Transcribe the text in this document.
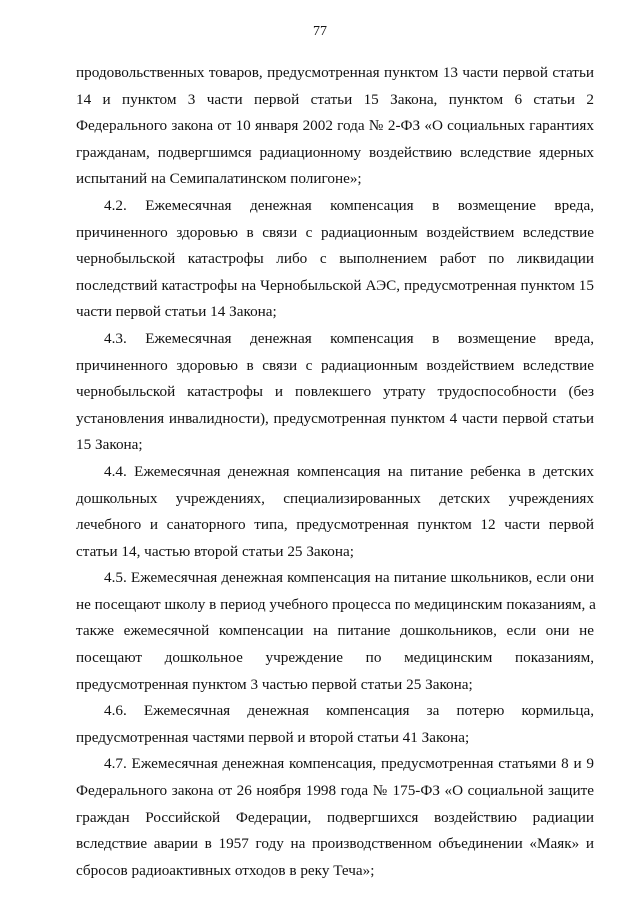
77
продовольственных товаров, предусмотренная пунктом 13 части первой статьи
14 и пунктом 3 части первой статьи 15 Закона, пунктом 6 статьи 2
Федерального закона от 10 января 2002 года № 2-ФЗ «О социальных гарантиях
гражданам, подвергшимся радиационному воздействию вследствие ядерных
испытаний на Семипалатинском полигоне»;
4.2. Ежемесячная денежная компенсация в возмещение вреда,
причиненного здоровью в связи с радиационным воздействием вследствие
чернобыльской катастрофы либо с выполнением работ по ликвидации
последствий катастрофы на Чернобыльской АЭС, предусмотренная пунктом 15
части первой статьи 14 Закона;
4.3. Ежемесячная денежная компенсация в возмещение вреда,
причиненного здоровью в связи с радиационным воздействием вследствие
чернобыльской катастрофы и повлекшего утрату трудоспособности (без
установления инвалидности), предусмотренная пунктом 4 части первой статьи
15 Закона;
4.4. Ежемесячная денежная компенсация на питание ребенка в детских
дошкольных учреждениях, специализированных детских учреждениях
лечебного и санаторного типа, предусмотренная пунктом 12 части первой
статьи 14, частью второй статьи 25 Закона;
4.5. Ежемесячная денежная компенсация на питание школьников, если они
не посещают школу в период учебного процесса по медицинским показаниям, а
также ежемесячной компенсации на питание дошкольников, если они не
посещают дошкольное учреждение по медицинским показаниям,
предусмотренная пунктом 3 частью первой статьи 25 Закона;
4.6. Ежемесячная денежная компенсация за потерю кормильца,
предусмотренная частями первой и второй статьи 41 Закона;
4.7. Ежемесячная денежная компенсация, предусмотренная статьями 8 и 9
Федерального закона от 26 ноября 1998 года № 175-ФЗ «О социальной защите
граждан Российской Федерации, подвергшихся воздействию радиации
вследствие аварии в 1957 году на производственном объединении «Маяк» и
сбросов радиоактивных отходов в реку Теча»;
